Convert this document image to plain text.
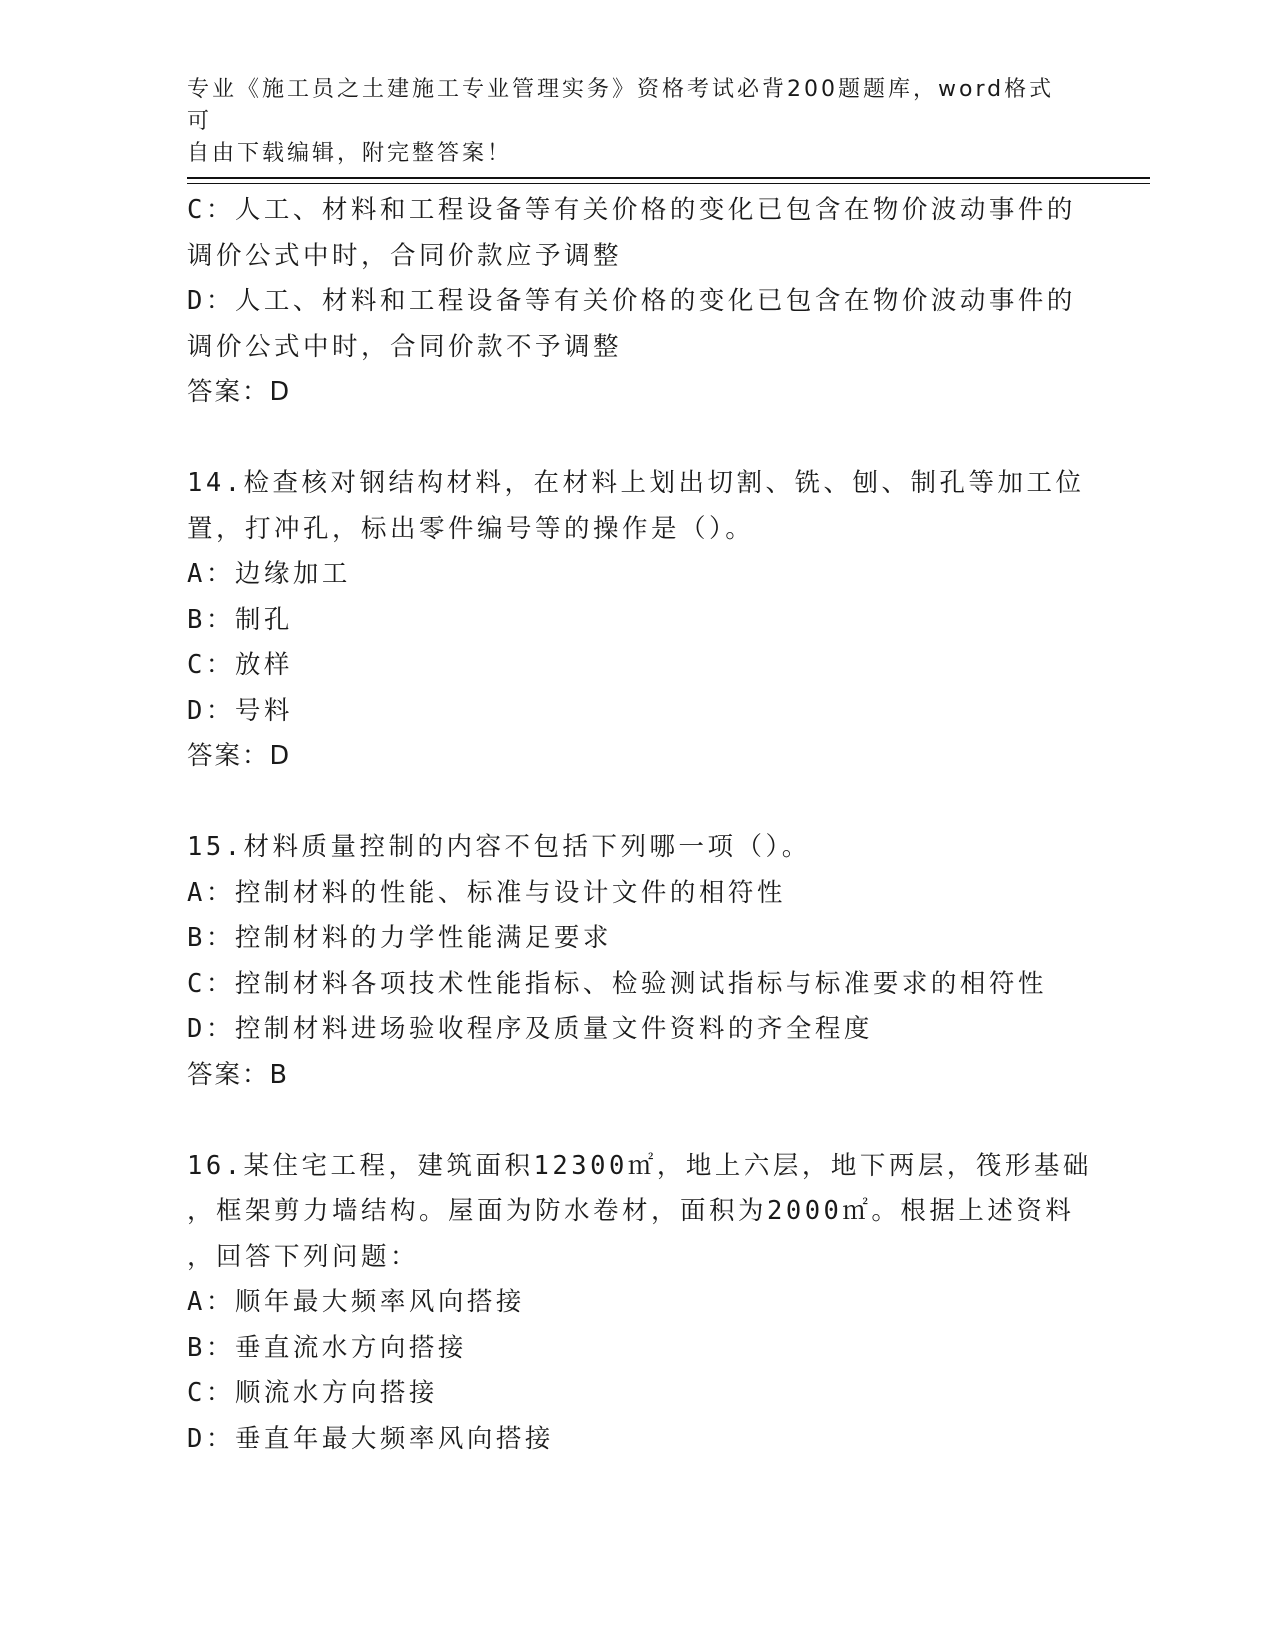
专业《施工员之土建施工专业管理实务》资格考试必背200题题库，word格式可
自由下载编辑，附完整答案！
C：人工、材料和工程设备等有关价格的变化已包含在物价波动事件的
调价公式中时，合同价款应予调整
D：人工、材料和工程设备等有关价格的变化已包含在物价波动事件的
调价公式中时，合同价款不予调整
答案：D
14.检查核对钢结构材料，在材料上划出切割、铣、刨、制孔等加工位
置，打冲孔，标出零件编号等的操作是（）。
A：边缘加工
B：制孔
C：放样
D：号料
答案：D
15.材料质量控制的内容不包括下列哪一项（）。
A：控制材料的性能、标准与设计文件的相符性
B：控制材料的力学性能满足要求
C：控制材料各项技术性能指标、检验测试指标与标准要求的相符性
D：控制材料进场验收程序及质量文件资料的齐全程度
答案：B
16.某住宅工程，建筑面积12300㎡，地上六层，地下两层，筏形基础
，框架剪力墙结构。屋面为防水卷材，面积为2000㎡。根据上述资料
，回答下列问题：
A：顺年最大频率风向搭接
B：垂直流水方向搭接
C：顺流水方向搭接
D：垂直年最大频率风向搭接
